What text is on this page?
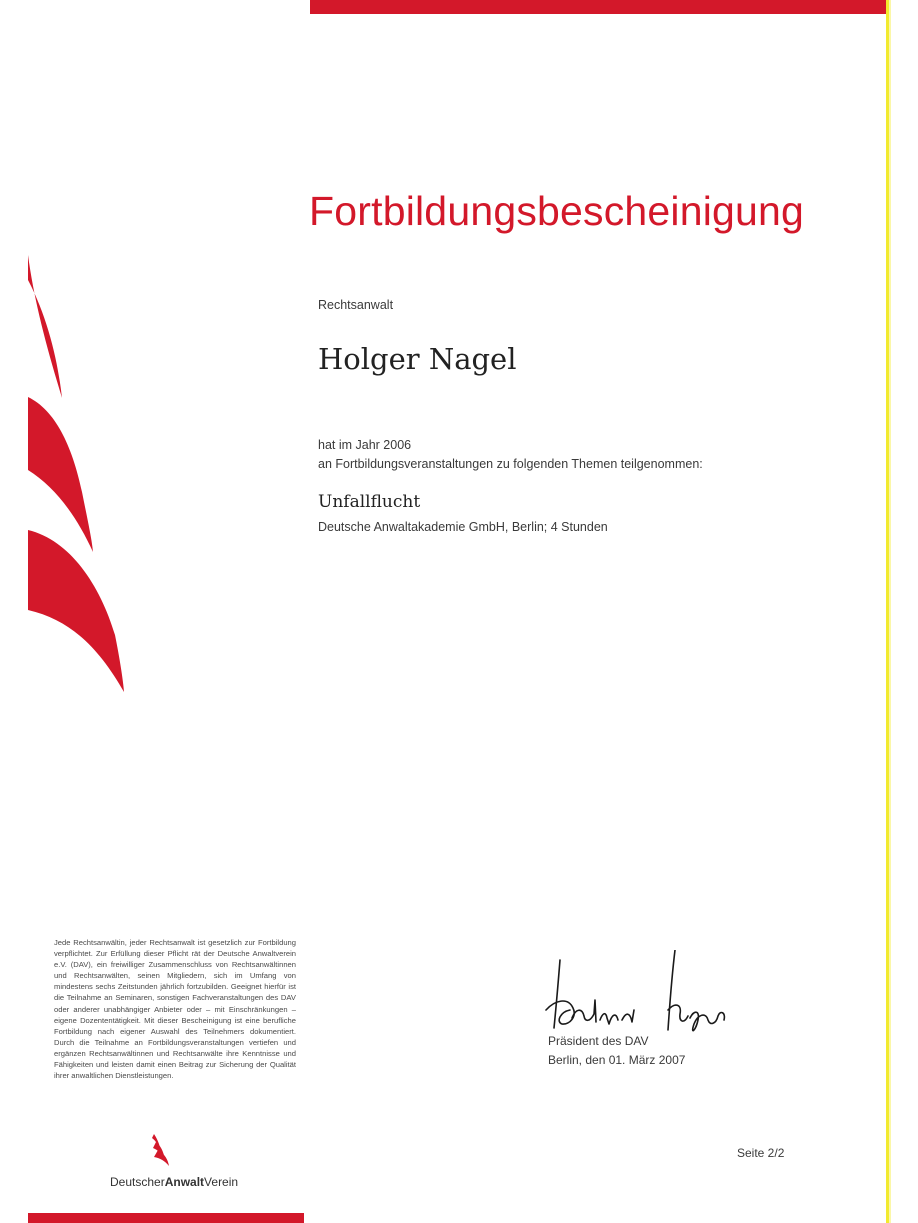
Fortbildungsbescheinigung
Rechtsanwalt
Holger Nagel
hat im Jahr 2006
an Fortbildungsveranstaltungen zu folgenden Themen teilgenommen:
Unfallflucht
Deutsche Anwaltakademie GmbH, Berlin; 4 Stunden
Jede Rechtsanwältin, jeder Rechtsanwalt ist gesetzlich zur Fortbildung verpflichtet. Zur Erfüllung dieser Pflicht rät der Deutsche Anwaltverein e.V. (DAV), ein freiwilliger Zusammenschluss von Rechtsanwältinnen und Rechtsanwälten, seinen Mitgliedern, sich im Umfang von mindestens sechs Zeitstunden jährlich fortzubilden. Geeignet hierfür ist die Teilnahme an Seminaren, sonstigen Fachveranstaltungen des DAV oder anderer unabhängiger Anbieter oder – mit Einschränkungen – eigene Dozententätigkeit. Mit dieser Bescheinigung ist eine berufliche Fortbildung nach eigener Auswahl des Teilnehmers dokumentiert. Durch die Teilnahme an Fortbildungsveranstaltungen vertiefen und ergänzen Rechtsanwältinnen und Rechtsanwälte ihre Kenntnisse und Fähigkeiten und leisten damit einen Beitrag zur Sicherung der Qualität ihrer anwaltlichen Dienstleistungen.
Präsident des DAV
Berlin, den 01. März 2007
Seite 2/2
DeutscherAnwaltVerein
